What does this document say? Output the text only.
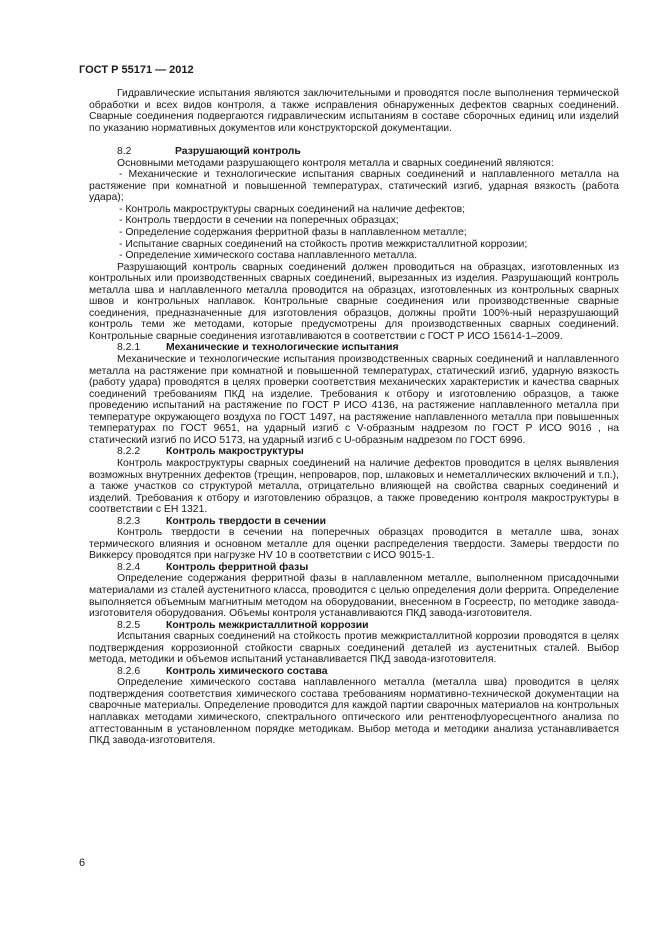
ГОСТ Р 55171 — 2012

Гидравлические испытания являются заключительными и проводятся после выполнения термической обработки и всех видов контроля, а также исправления обнаруженных дефектов сварных соединений. Сварные соединения подвергаются гидравлическим испытаниям в составе сборочных единиц или изделий по указанию нормативных документов или конструкторской документации.

8.2	Разрушающий контроль

Основными методами разрушающего контроля металла и сварных соединений являются:

- Механические и технологические испытания сварных соединений и наплавленного металла на растяжение при комнатной и повышенной температурах, статический изгиб, ударная вязкость (работа удара);

- Контроль макроструктуры сварных соединений на наличие дефектов;

- Контроль твердости в сечении на поперечных образцах;

- Определение содержания ферритной фазы в наплавленном металле;

- Испытание сварных соединений на стойкость против межкристаллитной коррозии;

- Определение химического состава наплавленного металла.

Разрушающий контроль сварных соединений должен проводиться на образцах, изготовленных из контрольных или производственных сварных соединений, вырезанных из изделия. Разрушающий контроль металла шва и наплавленного металла проводится на образцах, изготовленных из контрольных сварных швов и контрольных наплавок. Контрольные сварные соединения или производственные сварные соединения, предназначенные для изготовления образцов, должны пройти 100%-ный неразрушающий контроль теми же методами, которые предусмотрены для производственных сварных соединений. Контрольные сварные соединения изготавливаются в соответствии с ГОСТ Р ИСО 15614-1–2009.

8.2.1 Механические и технологические испытания

Механические и технологические испытания производственных сварных соединений и наплавленного металла на растяжение при комнатной и повышенной температурах, статический изгиб, ударную вязкость (работу удара) проводятся в целях проверки соответствия механических характеристик и качества сварных соединений требованиям ПКД на изделие. Требования к отбору и изготовлению образцов, а также проведению испытаний на растяжение по ГОСТ Р ИСО 4136, на растяжение наплавленного металла при температуре окружающего воздуха по ГОСТ 1497, на растяжение наплавленного металла при повышенных температурах по ГОСТ 9651, на ударный изгиб с V-образным надрезом по ГОСТ Р ИСО 9016 , на статический изгиб по ИСО 5173, на ударный изгиб с U-образным надрезом по ГОСТ 6996.

8.2.2 Контроль макроструктуры

Контроль макроструктуры сварных соединений на наличие дефектов проводится в целях выявления возможных внутренних дефектов (трещин, непроваров, пор, шлаковых и неметаллических включений и т.п.), а также участков со структурой металла, отрицательно влияющей на свойства сварных соединений и изделий. Требования к отбору и изготовлению образцов, а также проведению контроля макроструктуры в соответствии с ЕН 1321.

8.2.3 Контроль твердости в сечении

Контроль твердости в сечении на поперечных образцах проводится в металле шва, зонах термического влияния и основном металле для оценки распределения твердости. Замеры твердости по Виккерсу проводятся при нагрузке HV 10 в соответствии с ИСО 9015-1.

8.2.4 Контроль ферритной фазы

Определение содержания ферритной фазы в наплавленном металле, выполненном присадочными материалами из сталей аустенитного класса, проводится с целью определения доли феррита. Определение выполняется объемным магнитным методом на оборудовании, внесенном в Госреестр, по методике завода-изготовителя оборудования. Объемы контроля устанавливаются ПКД завода-изготовителя.

8.2.5 Контроль межкристаллитной коррозии

Испытания сварных соединений на стойкость против межкристаллитной коррозии проводятся в целях подтверждения коррозионной стойкости сварных соединений деталей из аустенитных сталей. Выбор метода, методики и объемов испытаний устанавливается ПКД завода-изготовителя.

8.2.6 Контроль химического состава

Определение химического состава наплавленного металла (металла шва) проводится в целях подтверждения соответствия химического состава требованиям нормативно-технической документации на сварочные материалы. Определение проводится для каждой партии сварочных материалов на контрольных наплавках методами химического, спектрального оптического или рентгенофлуоресцентного анализа по аттестованным в установленном порядке методикам. Выбор метода и методики анализа устанавливается ПКД завода-изготовителя.

6
